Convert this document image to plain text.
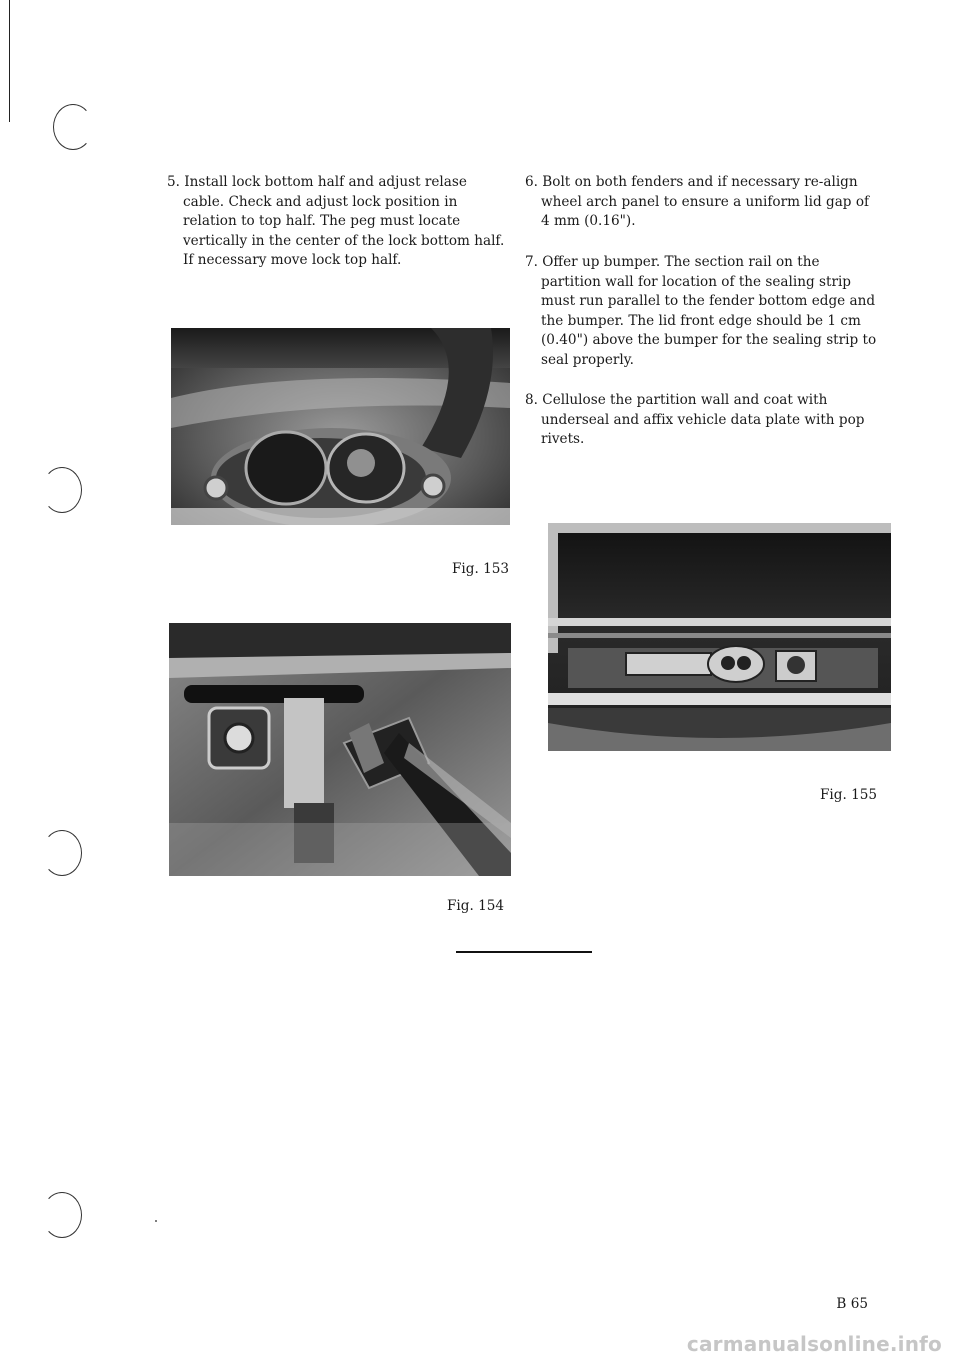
5. Install lock bottom half and adjust relase cable. Check and adjust lock position in relation to top half. The peg must locate vertically in the center of the lock bottom half. If necessary move lock top half.

6. Bolt on both fenders and if necessary re-align wheel arch panel to ensure a uniform lid gap of 4 mm (0.16").

7. Offer up bumper. The section rail on the partition wall for location of the sealing strip must run parallel to the fender bottom edge and the bumper. The lid front edge should be 1 cm (0.40") above the bumper for the sealing strip to seal properly.

8. Cellulose the partition wall and coat with underseal and affix vehicle data plate with pop rivets.

Fig. 153
Fig. 154
Fig. 155
B 65
carmanualsonline.info
